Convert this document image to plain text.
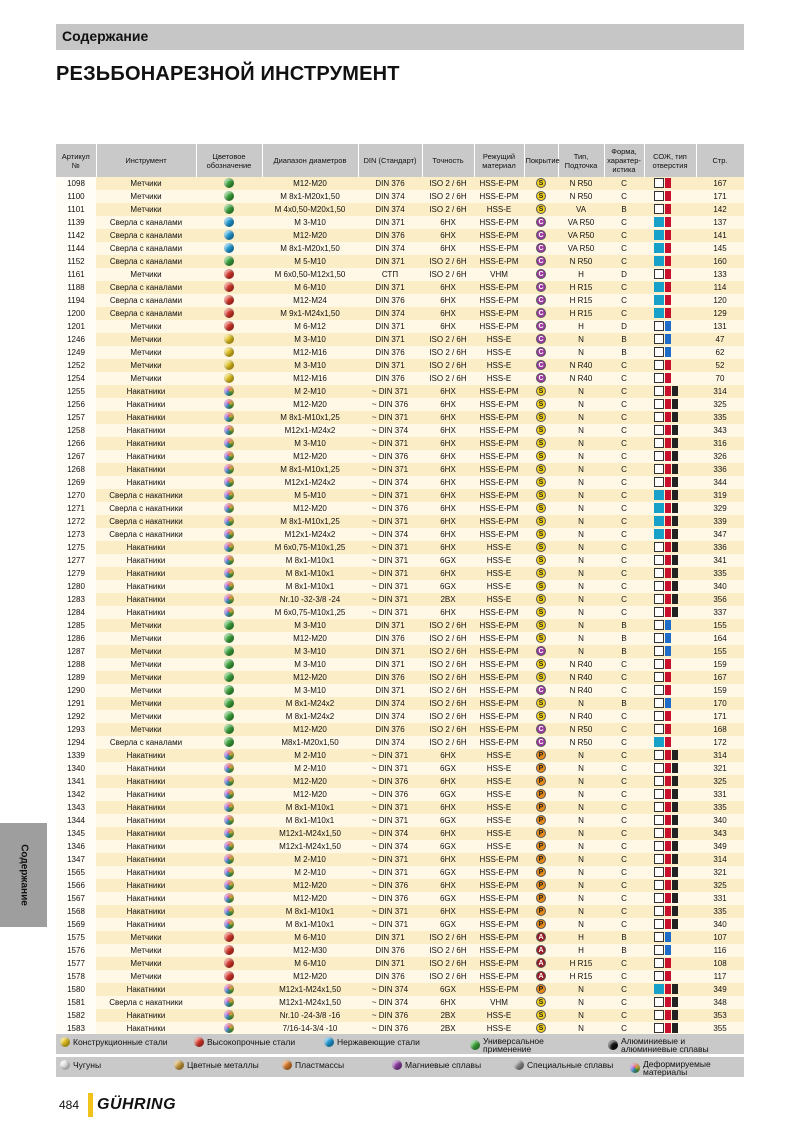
Содержание
РЕЗЬБОНАРЕЗНОЙ ИНСТРУМЕНТ
Содержание
Артикул №	Инструмент	Цветовое обозначение	Диапазон диаметров	DIN (Стандарт)	Точность	Режущий материал	Покрытие	Тип, Подточка	Форма, характер- истика	СОЖ, тип отверстия	Стр.
1098	Метчики		M12-M20	DIN 376	ISO 2 / 6H	HSS-E-PM	S	N R50	C		167
1100	Метчики		M 8x1-M20x1,50	DIN 374	ISO 2 / 6H	HSS-E-PM	S	N R50	C		171
1101	Метчики		M 4x0,50-M20x1,50	DIN 374	ISO 2 / 6H	HSS-E	S	VA	B		142
1139	Сверла с каналами		M 3-M10	DIN 371	6HX	HSS-E-PM	C	VA R50	C		137
1142	Сверла с каналами		M12-M20	DIN 376	6HX	HSS-E-PM	C	VA R50	C		141
1144	Сверла с каналами		M 8x1-M20x1,50	DIN 374	6HX	HSS-E-PM	C	VA R50	C		145
1152	Сверла с каналами		M 5-M10	DIN 371	ISO 2 / 6H	HSS-E-PM	C	N R50	C		160
1161	Метчики		M 6x0,50-M12x1,50	СТП	ISO 2 / 6H	VHM	C	H	D		133
1188	Сверла с каналами		M 6-M10	DIN 371	6HX	HSS-E-PM	C	H R15	C		114
1194	Сверла с каналами		M12-M24	DIN 376	6HX	HSS-E-PM	C	H R15	C		120
1200	Сверла с каналами		M 9x1-M24x1,50	DIN 374	6HX	HSS-E-PM	C	H R15	C		129
1201	Метчики		M 6-M12	DIN 371	6HX	HSS-E-PM	C	H	D		131
1246	Метчики		M 3-M10	DIN 371	ISO 2 / 6H	HSS-E	C	N	B		47
1249	Метчики		M12-M16	DIN 376	ISO 2 / 6H	HSS-E	C	N	B		62
1252	Метчики		M 3-M10	DIN 371	ISO 2 / 6H	HSS-E	C	N R40	C		52
1254	Метчики		M12-M16	DIN 376	ISO 2 / 6H	HSS-E	C	N R40	C		70
1255	Накатники		M 2-M10	~ DIN 371	6HX	HSS-E-PM	S	N	C		314
1256	Накатники		M12-M20	~ DIN 376	6HX	HSS-E-PM	S	N	C		325
1257	Накатники		M 8x1-M10x1,25	~ DIN 371	6HX	HSS-E-PM	S	N	C		335
1258	Накатники		M12x1-M24x2	~ DIN 374	6HX	HSS-E-PM	S	N	C		343
1266	Накатники		M 3-M10	~ DIN 371	6HX	HSS-E-PM	S	N	C		316
1267	Накатники		M12-M20	~ DIN 376	6HX	HSS-E-PM	S	N	C		326
1268	Накатники		M 8x1-M10x1,25	~ DIN 371	6HX	HSS-E-PM	S	N	C		336
1269	Накатники		M12x1-M24x2	~ DIN 374	6HX	HSS-E-PM	S	N	C		344
1270	Сверла с накатники		M 5-M10	~ DIN 371	6HX	HSS-E-PM	S	N	C		319
1271	Сверла с накатники		M12-M20	~ DIN 376	6HX	HSS-E-PM	S	N	C		329
1272	Сверла с накатники		M 8x1-M10x1,25	~ DIN 371	6HX	HSS-E-PM	S	N	C		339
1273	Сверла с накатники		M12x1-M24x2	~ DIN 374	6HX	HSS-E-PM	S	N	C		347
1275	Накатники		M 6x0,75-M10x1,25	~ DIN 371	6HX	HSS-E	S	N	C		336
1277	Накатники		M 8x1-M10x1	~ DIN 371	6GX	HSS-E	S	N	C		341
1279	Накатники		M 8x1-M10x1	~ DIN 371	6HX	HSS-E	S	N	C		335
1280	Накатники		M 8x1-M10x1	~ DIN 371	6GX	HSS-E	S	N	C		340
1283	Накатники		Nr.10 -32-3/8 -24	~ DIN 371	2BX	HSS-E	S	N	C		356
1284	Накатники		M 6x0,75-M10x1,25	~ DIN 371	6HX	HSS-E-PM	S	N	C		337
1285	Метчики		M 3-M10	DIN 371	ISO 2 / 6H	HSS-E-PM	S	N	B		155
1286	Метчики		M12-M20	DIN 376	ISO 2 / 6H	HSS-E-PM	S	N	B		164
1287	Метчики		M 3-M10	DIN 371	ISO 2 / 6H	HSS-E-PM	C	N	B		155
1288	Метчики		M 3-M10	DIN 371	ISO 2 / 6H	HSS-E-PM	S	N R40	C		159
1289	Метчики		M12-M20	DIN 376	ISO 2 / 6H	HSS-E-PM	S	N R40	C		167
1290	Метчики		M 3-M10	DIN 371	ISO 2 / 6H	HSS-E-PM	C	N R40	C		159
1291	Метчики		M 8x1-M24x2	DIN 374	ISO 2 / 6H	HSS-E-PM	S	N	B		170
1292	Метчики		M 8x1-M24x2	DIN 374	ISO 2 / 6H	HSS-E-PM	S	N R40	C		171
1293	Метчики		M12-M20	DIN 376	ISO 2 / 6H	HSS-E-PM	C	N R50	C		168
1294	Сверла с каналами		M8x1-M20x1,50	DIN 374	ISO 2 / 6H	HSS-E-PM	C	N R50	C		172
1339	Накатники		M 2-M10	~ DIN 371	6HX	HSS-E	P	N	C		314
1340	Накатники		M 2-M10	~ DIN 371	6GX	HSS-E	P	N	C		321
1341	Накатники		M12-M20	~ DIN 376	6HX	HSS-E	P	N	C		325
1342	Накатники		M12-M20	~ DIN 376	6GX	HSS-E	P	N	C		331
1343	Накатники		M 8x1-M10x1	~ DIN 371	6HX	HSS-E	P	N	C		335
1344	Накатники		M 8x1-M10x1	~ DIN 371	6GX	HSS-E	P	N	C		340
1345	Накатники		M12x1-M24x1,50	~ DIN 374	6HX	HSS-E	P	N	C		343
1346	Накатники		M12x1-M24x1,50	~ DIN 374	6GX	HSS-E	P	N	C		349
1347	Накатники		M 2-M10	~ DIN 371	6HX	HSS-E-PM	P	N	C		314
1565	Накатники		M 2-M10	~ DIN 371	6GX	HSS-E-PM	P	N	C		321
1566	Накатники		M12-M20	~ DIN 376	6HX	HSS-E-PM	P	N	C		325
1567	Накатники		M12-M20	~ DIN 376	6GX	HSS-E-PM	P	N	C		331
1568	Накатники		M 8x1-M10x1	~ DIN 371	6HX	HSS-E-PM	P	N	C		335
1569	Накатники		M 8x1-M10x1	~ DIN 371	6GX	HSS-E-PM	P	N	C		340
1575	Метчики		M 6-M10	DIN 371	ISO 2 / 6H	HSS-E-PM	A	H	B		107
1576	Метчики		M12-M30	DIN 376	ISO 2 / 6H	HSS-E-PM	A	H	B		116
1577	Метчики		M 6-M10	DIN 371	ISO 2 / 6H	HSS-E-PM	A	H R15	C		108
1578	Метчики		M12-M20	DIN 376	ISO 2 / 6H	HSS-E-PM	A	H R15	C		117
1580	Накатники		M12x1-M24x1,50	~ DIN 374	6GX	HSS-E-PM	P	N	C		349
1581	Сверла с накатники		M12x1-M24x1,50	~ DIN 374	6HX	VHM	S	N	C		348
1582	Накатники		Nr.10 -24-3/8 -16	~ DIN 376	2BX	HSS-E	S	N	C		353
1583	Накатники		7/16-14-3/4 -10	~ DIN 376	2BX	HSS-E	S	N	C		355
Конструкционные стали	Высокопрочные стали	Нержавеющие стали	Универсальное применение
Алюминиевые и алюминиевые сплавы
Чугуны	Цветные металлы	Пластмассы	Магниевые сплавы	Специальные сплавы	Деформируемые материалы
484 GÜHRING
